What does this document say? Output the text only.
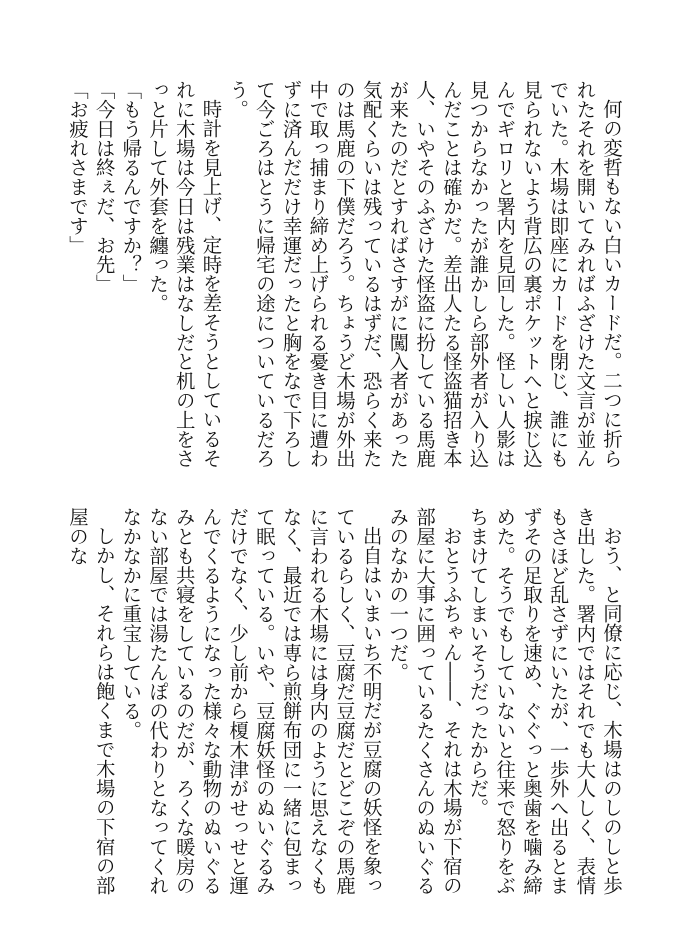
何の変哲もない白いカードだ。二つに折られたそれを開いてみればふざけた文言が並んでいた。木場は即座にカードを閉じ、誰にも見られないよう背広の裏ポケットへと捩じ込んでギロリと署内を見回した。怪しい人影は見つからなかったが誰かしら部外者が入り込んだことは確かだ。差出人たる怪盗猫招き本人、いやそのふざけた怪盗に扮している馬鹿が来たのだとすればさすがに闖入者があった気配くらいは残っているはずだ、恐らく来たのは馬鹿の下僕だろう。ちょうど木場が外出中で取っ捕まり締め上げられる憂き目に遭わずに済んだだけ幸運だったと胸をなで下ろして今ごろはとうに帰宅の途についているだろう。

時計を見上げ、定時を差そうとしているそれに木場は今日は残業はなしだと机の上をさっと片して外套を纏った。

「もう帰るんですか？」

「今日は終ぇだ、お先」

「お疲れさまです」

おう、と同僚に応じ、木場はのしのしと歩き出した。署内ではそれでも大人しく、表情もさほど乱さずにいたが、一歩外へ出るとまずその足取りを速め、ぐぐっと奥歯を噛み締めた。そうでもしていないと往来で怒りをぶちまけてしまいそうだったからだ。

おとうふちゃん――、それは木場が下宿の部屋に大事に囲っているたくさんのぬいぐるみのなかの一つだ。

出自はいまいち不明だが豆腐の妖怪を象っているらしく、豆腐だ豆腐だとどこぞの馬鹿に言われる木場には身内のように思えなくもなく、最近では専ら煎餅布団に一緒に包まって眠っている。いや、豆腐妖怪のぬいぐるみだけでなく、少し前から榎木津がせっせと運んでくるようになった様々な動物のぬいぐるみとも共寝をしているのだが、ろくな暖房のない部屋では湯たんぽの代わりとなってくれなかなかに重宝している。

しかし、それらは飽くまで木場の下宿の部屋のな
